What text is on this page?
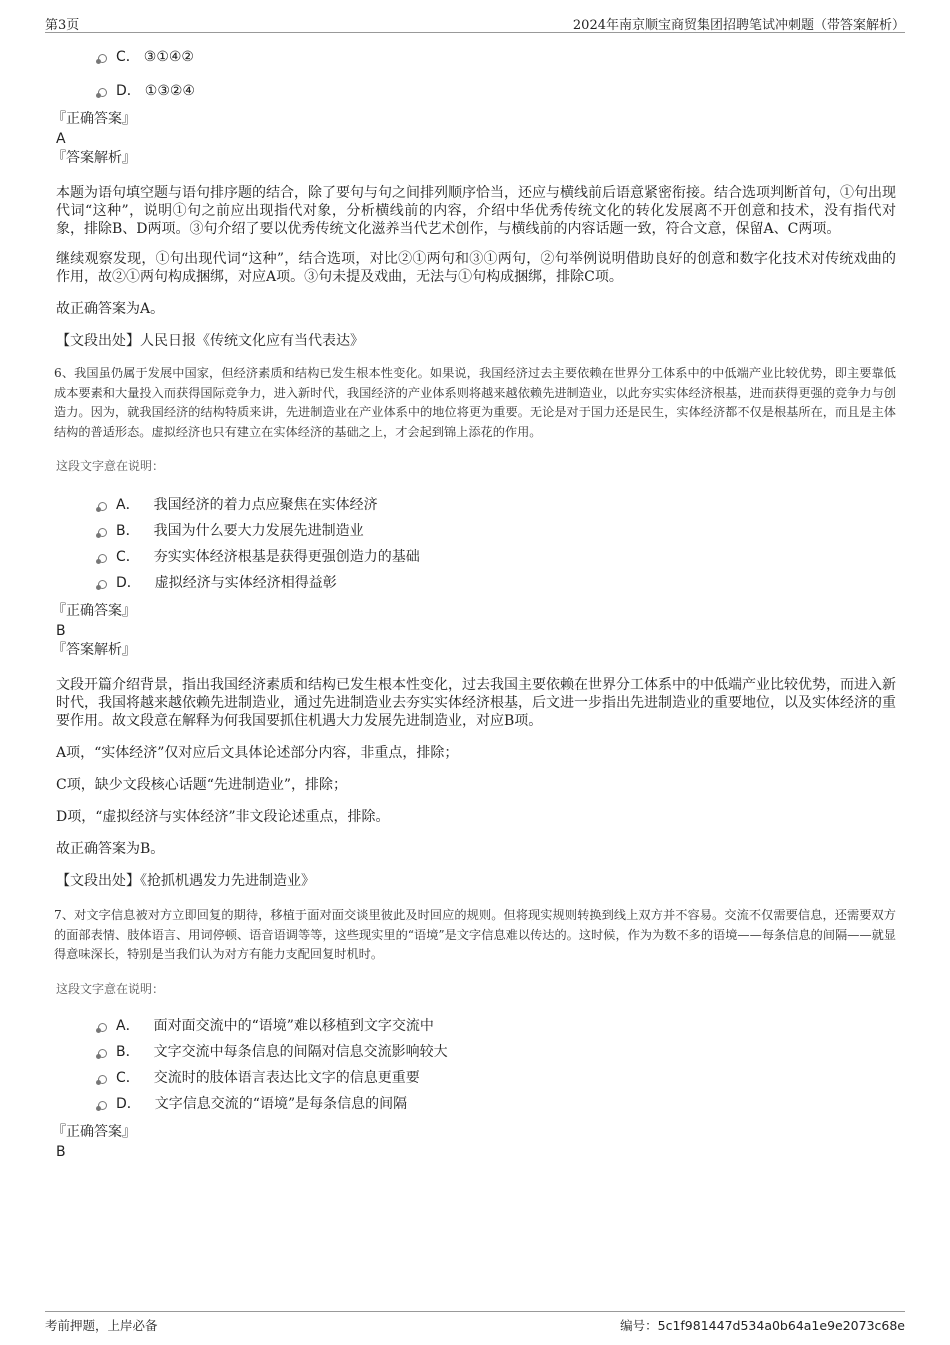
第3页	2024年南京顺宝商贸集团招聘笔试冲刺题（带答案解析）
C． ③①④②
D． ①③②④
『正确答案』
A
『答案解析』

本题为语句填空题与语句排序题的结合，除了要句与句之间排列顺序恰当，还应与横线前后语意紧密衔接。结合选项判断首句，①句出现代词“这种”，说明①句之前应出现指代对象，分析横线前的内容，介绍中华优秀传统文化的转化发展离不开创意和技术，没有指代对象，排除B、D两项。③句介绍了要以优秀传统文化滋养当代艺术创作，与横线前的内容话题一致，符合文意，保留A、C两项。

继续观察发现，①句出现代词“这种”，结合选项，对比②①两句和③①两句，②句举例说明借助良好的创意和数字化技术对传统戏曲的作用，故②①两句构成捆绑，对应A项。③句未提及戏曲，无法与①句构成捆绑，排除C项。

故正确答案为A。

【文段出处】人民日报《传统文化应有当代表达》

6、我国虽仍属于发展中国家，但经济素质和结构已发生根本性变化。如果说，我国经济过去主要依赖在世界分工体系中的中低端产业比较优势，即主要靠低成本要素和大量投入而获得国际竞争力，进入新时代，我国经济的产业体系则将越来越依赖先进制造业，以此夯实实体经济根基，进而获得更强的竞争力与创造力。因为，就我国经济的结构特质来讲，先进制造业在产业体系中的地位将更为重要。无论是对于国力还是民生，实体经济都不仅是根基所在，而且是主体结构的普适形态。虚拟经济也只有建立在实体经济的基础之上，才会起到锦上添花的作用。

这段文字意在说明：

A． 我国经济的着力点应聚焦在实体经济
B． 我国为什么要大力发展先进制造业
C． 夯实实体经济根基是获得更强创造力的基础
D． 虚拟经济与实体经济相得益彰
『正确答案』
B
『答案解析』

文段开篇介绍背景，指出我国经济素质和结构已发生根本性变化，过去我国主要依赖在世界分工体系中的中低端产业比较优势，而进入新时代，我国将越来越依赖先进制造业，通过先进制造业去夯实实体经济根基，后文进一步指出先进制造业的重要地位，以及实体经济的重要作用。故文段意在解释为何我国要抓住机遇大力发展先进制造业，对应B项。

A项，“实体经济”仅对应后文具体论述部分内容，非重点，排除；

C项，缺少文段核心话题“先进制造业”，排除；

D项，“虚拟经济与实体经济”非文段论述重点，排除。

故正确答案为B。

【文段出处】《抢抓机遇发力先进制造业》

7、对文字信息被对方立即回复的期待，移植于面对面交谈里彼此及时回应的规则。但将现实规则转换到线上双方并不容易。交流不仅需要信息，还需要双方的面部表情、肢体语言、用词停顿、语音语调等等，这些现实里的“语境”是文字信息难以传达的。这时候，作为为数不多的语境——每条信息的间隔——就显得意味深长，特别是当我们认为对方有能力支配回复时机时。

这段文字意在说明：

A． 面对面交流中的“语境”难以移植到文字交流中
B． 文字交流中每条信息的间隔对信息交流影响较大
C． 交流时的肢体语言表达比文字的信息更重要
D． 文字信息交流的“语境”是每条信息的间隔
『正确答案』
B
考前押题，上岸必备	编号：5c1f981447d534a0b64a1e9e2073c68e
